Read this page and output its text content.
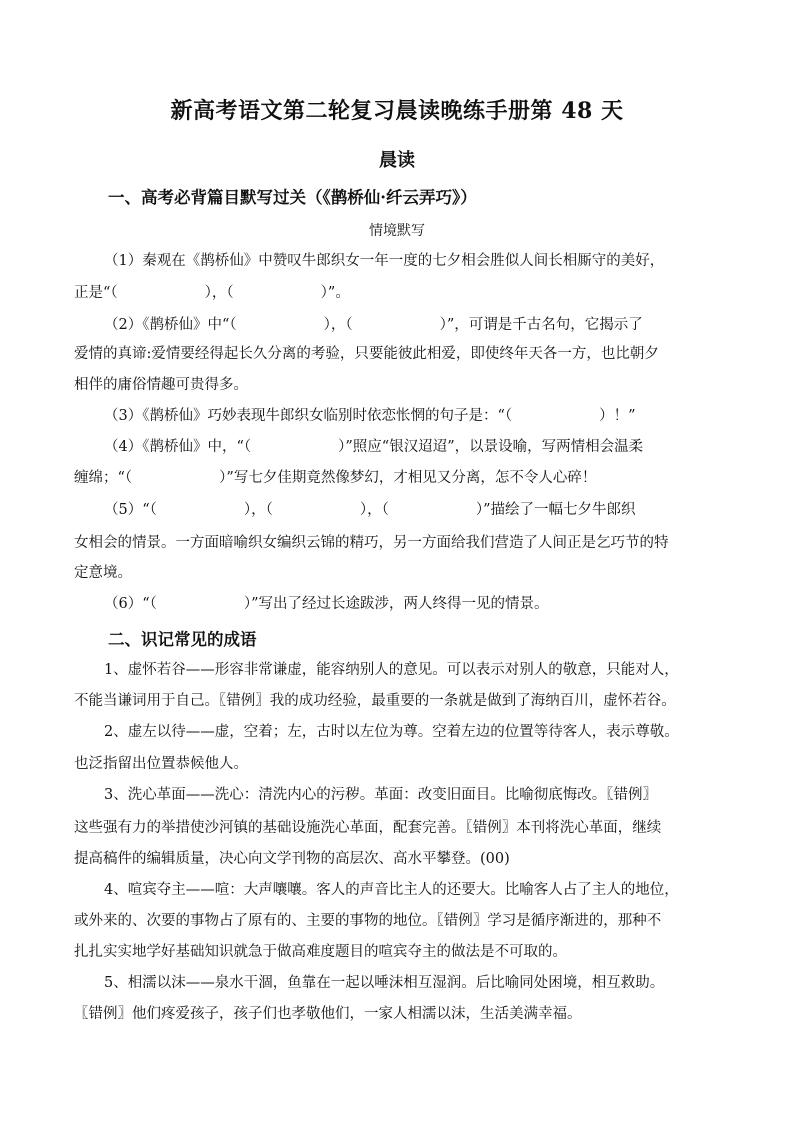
新高考语文第二轮复习晨读晚练手册第 48 天
晨读
一、高考必背篇目默写过关（《鹊桥仙·纤云弄巧》）
情境默写
（1）秦观在《鹊桥仙》中赞叹牛郎织女一年一度的七夕相会胜似人间长相厮守的美好，
正是“（　　　　　　），（　　　　　　）”。
（2）《鹊桥仙》中“（　　　　　　），（　　　　　　）”，可谓是千古名句，它揭示了
爱情的真谛:爱情要经得起长久分离的考验，只要能彼此相爱，即使终年天各一方，也比朝夕
相伴的庸俗情趣可贵得多。
（3）《鹊桥仙》巧妙表现牛郎织女临别时依恋怅惘的句子是：“（　　　　　　）！”
（4）《鹊桥仙》中，“（　　　　　　）”照应“银汉迢迢”，以景设喻，写两情相会温柔
缠绵；“（　　　　　　）”写七夕佳期竟然像梦幻，才相见又分离，怎不令人心碎！
（5）“（　　　　　　），（　　　　　　），（　　　　　　）”描绘了一幅七夕牛郎织
女相会的情景。一方面暗喻织女编织云锦的精巧，另一方面给我们营造了人间正是乞巧节的特
定意境。
（6）“（　　　　　　）”写出了经过长途跋涉，两人终得一见的情景。
二、识记常见的成语
1、虚怀若谷——形容非常谦虚，能容纳别人的意见。可以表示对别人的敬意，只能对人，
不能当谦词用于自己。〖错例〗我的成功经验，最重要的一条就是做到了海纳百川，虚怀若谷。
2、虚左以待——虚，空着；左，古时以左位为尊。空着左边的位置等待客人，表示尊敬。
也泛指留出位置恭候他人。
3、洗心革面——洗心：清洗内心的污秽。革面：改变旧面目。比喻彻底悔改。〖错例〗
这些强有力的举措使沙河镇的基础设施洗心革面，配套完善。〖错例〗本刊将洗心革面，继续
提高稿件的编辑质量，决心向文学刊物的高层次、高水平攀登。(00)
4、喧宾夺主——喧：大声嚷嚷。客人的声音比主人的还要大。比喻客人占了主人的地位，
或外来的、次要的事物占了原有的、主要的事物的地位。〖错例〗学习是循序渐进的，那种不
扎扎实实地学好基础知识就急于做高难度题目的喧宾夺主的做法是不可取的。
5、相濡以沫——泉水干涸，鱼靠在一起以唾沫相互湿润。后比喻同处困境，相互救助。
〖错例〗他们疼爱孩子，孩子们也孝敬他们，一家人相濡以沫，生活美满幸福。
